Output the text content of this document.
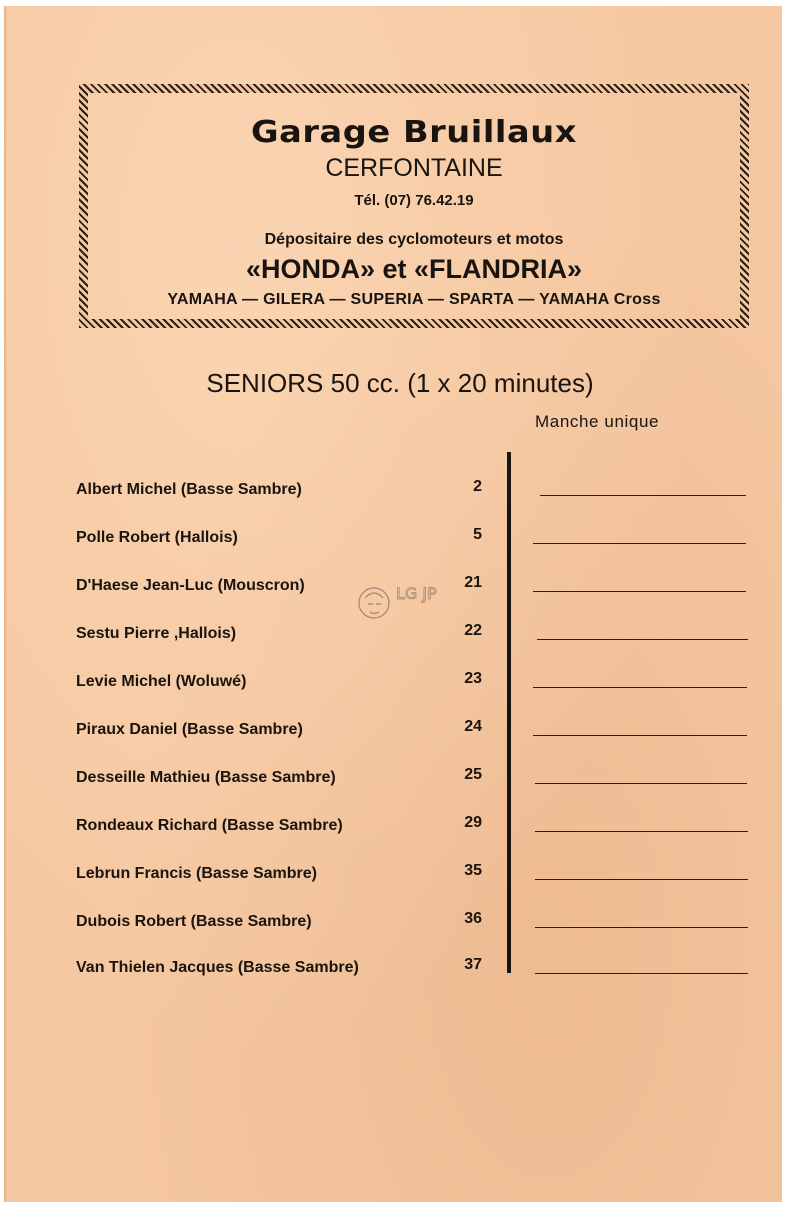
Garage Bruillaux
CERFONTAINE
Tél. (07) 76.42.19
Dépositaire des cyclomoteurs et motos
«HONDA» et «FLANDRIA»
YAMAHA — GILERA — SUPERIA — SPARTA — YAMAHA Cross
SENIORS 50 cc. (1 x 20 minutes)
Manche unique
Albert Michel (Basse Sambre)	2
Polle Robert (Hallois)	5
D'Haese Jean-Luc (Mouscron)	21
Sestu Pierre ,Hallois)	22
Levie Michel (Woluwé)	23
Piraux Daniel (Basse Sambre)	24
Desseille Mathieu (Basse Sambre)	25
Rondeaux Richard (Basse Sambre)	29
Lebrun Francis (Basse Sambre)	35
Dubois Robert (Basse Sambre)	36
Van Thielen Jacques (Basse Sambre)	37
LG JP
